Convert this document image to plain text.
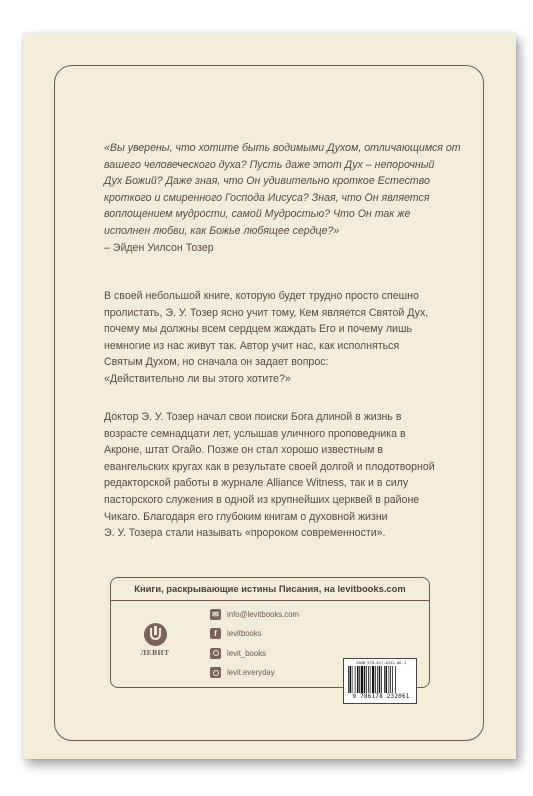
«Вы уверены, что хотите быть водимыми Духом, отличающимся от
вашего человеческого духа? Пусть даже этот Дух – непорочный
Дух Божий? Даже зная, что Он удивительно кроткое Естество
кроткого и смиренного Господа Иисуса? Зная, что Он является
воплощением мудрости, самой Мудростью? Что Он так же
исполнен любви, как Божье любящее сердце?»
– Эйден Уилсон Тозер
В своей небольшой книге, которую будет трудно просто спешно
пролистать, Э. У. Тозер ясно учит тому, Кем является Святой Дух,
почему мы должны всем сердцем жаждать Его и почему лишь
немногие из нас живут так. Автор учит нас, как исполняться
Святым Духом, но сначала он задает вопрос:
«Действительно ли вы этого хотите?»
Доктор Э. У. Тозер начал свои поиски Бога длиной в жизнь в
возрасте семнадцати лет, услышав уличного проповедника в
Акроне, штат Огайо. Позже он стал хорошо известным в
евангельских кругах как в результате своей долгой и плодотворной
редакторской работы в журнале Alliance Witness, так и в силу
пасторского служения в одной из крупнейших церквей в районе
Чикаго. Благодаря его глубоким книгам о духовной жизни
Э. У. Тозера стали называть «пророком современности».
Книги, раскрывающие истины Писания, на levitbooks.com
ЛЕВИТ
✉ info@levitbooks.com
f	levitbooks
levit_books
levit.everyday
ISBN 978-617-8232-06-1
9 786178 232061
